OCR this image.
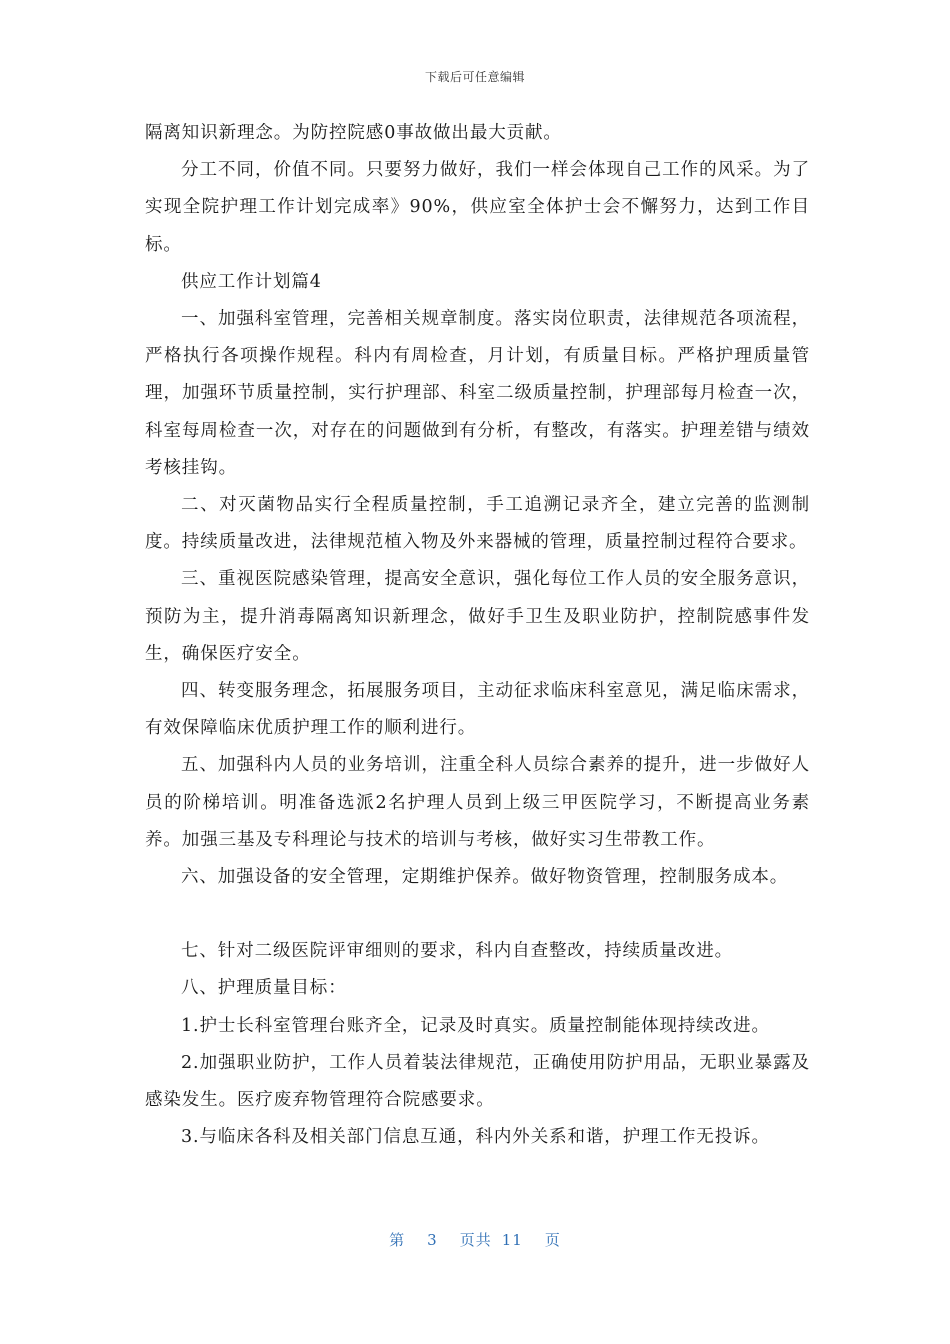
下载后可任意编辑

隔离知识新理念。为防控院感0事故做出最大贡献。

分工不同，价值不同。只要努力做好，我们一样会体现自己工作的风采。为了实现全院护理工作计划完成率》90%，供应室全体护士会不懈努力，达到工作目标。

供应工作计划篇4

一、加强科室管理，完善相关规章制度。落实岗位职责，法律规范各项流程，严格执行各项操作规程。科内有周检查，月计划，有质量目标。严格护理质量管理，加强环节质量控制，实行护理部、科室二级质量控制，护理部每月检查一次，科室每周检查一次，对存在的问题做到有分析，有整改，有落实。护理差错与绩效考核挂钩。

二、对灭菌物品实行全程质量控制，手工追溯记录齐全，建立完善的监测制度。持续质量改进，法律规范植入物及外来器械的管理，质量控制过程符合要求。

三、重视医院感染管理，提高安全意识，强化每位工作人员的安全服务意识，预防为主，提升消毒隔离知识新理念，做好手卫生及职业防护，控制院感事件发生，确保医疗安全。

四、转变服务理念，拓展服务项目，主动征求临床科室意见，满足临床需求，有效保障临床优质护理工作的顺利进行。

五、加强科内人员的业务培训，注重全科人员综合素养的提升，进一步做好人员的阶梯培训。明准备选派2名护理人员到上级三甲医院学习，不断提高业务素养。加强三基及专科理论与技术的培训与考核，做好实习生带教工作。

六、加强设备的安全管理，定期维护保养。做好物资管理，控制服务成本。

七、针对二级医院评审细则的要求，科内自查整改，持续质量改进。

八、护理质量目标：

1.护士长科室管理台账齐全，记录及时真实。质量控制能体现持续改进。

2.加强职业防护，工作人员着装法律规范，正确使用防护用品，无职业暴露及感染发生。医疗废弃物管理符合院感要求。

3.与临床各科及相关部门信息互通，科内外关系和谐，护理工作无投诉。

第 3 页共 11 页
